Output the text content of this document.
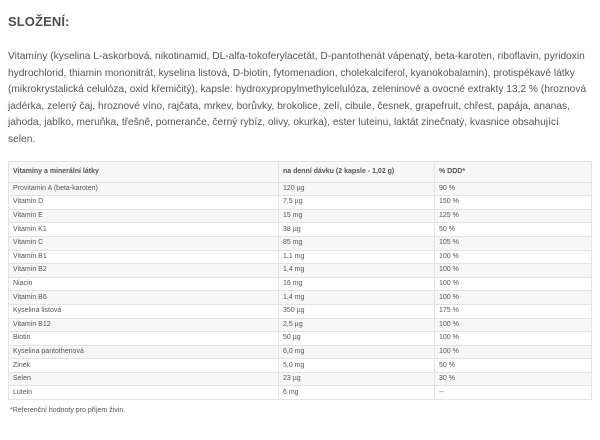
SLOŽENÍ:
Vitamíny (kyselina L-askorbová, nikotinamid, DL-alfa-tokoferylacetát, D-pantothenát vápenatý, beta-karoten, riboflavin, pyridoxin
hydrochlorid, thiamin mononitrát, kyselina listová, D-biotin, fytomenadion, cholekalciferol, kyanokobalamin), protispékavé látky
(mikrokrystalická celulóza, oxid křemičitý), kapsle: hydroxypropylmethylcelulóza, zeleninové a ovocné extrakty 13,2 % (hroznová
jadérka, zelený čaj, hroznové víno, rajčata, mrkev, borůvky, brokolice, zelí, cibule, česnek, grapefruit, chřest, papája, ananas,
jahoda, jablko, meruňka, třešně, pomeranče, černý rybíz, olivy, okurka), ester luteinu, laktát zinečnatý, kvasnice obsahující
selen.
Vitamíny a minerální látky	na denní dávku (2 kapsle - 1,02 g)	% DDD*
Provitamin A (beta-karoten)	120 µg	90 %
Vitamin D	7,5 µg	150 %
Vitamin E	15 mg	125 %
Vitamin K1	38 µg	50 %
Vitamin C	85 mg	105 %
Vitamin B1	1,1 mg	100 %
Vitamin B2	1,4 mg	100 %
Niacin	16 mg	100 %
Vitamin B6	1,4 mg	100 %
Kyselina listová	350 µg	175 %
Vitamin B12	2,5 µg	100 %
Biotin	50 µg	100 %
Kyselina pantothenová	6,0 mg	100 %
Zinek	5,0 mg	50 %
Selen	23 µg	30 %
Lutein	6 mg	--
*Referenční hodnoty pro příjem živin.
